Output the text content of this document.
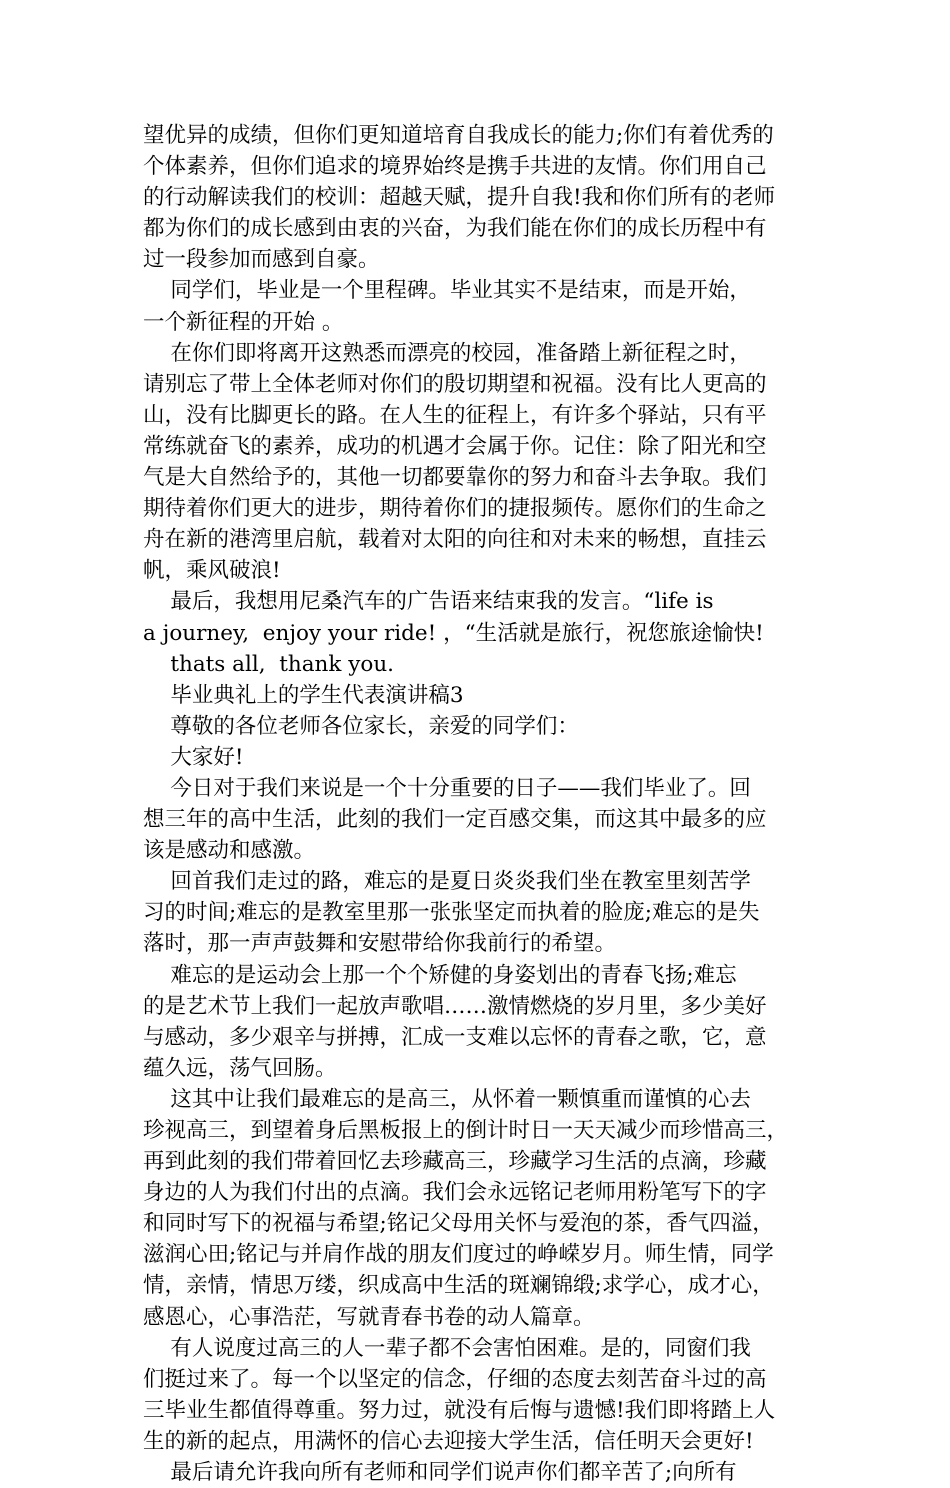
望优异的成绩，但你们更知道培育自我成长的能力;你们有着优秀的
个体素养，但你们追求的境界始终是携手共进的友情。你们用自己
的行动解读我们的校训：超越天赋，提升自我!我和你们所有的老师
都为你们的成长感到由衷的兴奋，为我们能在你们的成长历程中有
过一段参加而感到自豪。
同学们，毕业是一个里程碑。毕业其实不是结束，而是开始，
一个新征程的开始 。
在你们即将离开这熟悉而漂亮的校园，准备踏上新征程之时，
请别忘了带上全体老师对你们的殷切期望和祝福。没有比人更高的
山，没有比脚更长的路。在人生的征程上，有许多个驿站，只有平
常练就奋飞的素养，成功的机遇才会属于你。记住：除了阳光和空
气是大自然给予的，其他一切都要靠你的努力和奋斗去争取。我们
期待着你们更大的进步，期待着你们的捷报频传。愿你们的生命之
舟在新的港湾里启航，载着对太阳的向往和对未来的畅想，直挂云
帆，乘风破浪!
最后，我想用尼桑汽车的广告语来结束我的发言。“life is
a journey,  enjoy your ride! ，“生活就是旅行，祝您旅途愉快!
thats all,  thank you.
毕业典礼上的学生代表演讲稿3
尊敬的各位老师各位家长，亲爱的同学们：
大家好!
今日对于我们来说是一个十分重要的日子——我们毕业了。回
想三年的高中生活，此刻的我们一定百感交集，而这其中最多的应
该是感动和感激。
回首我们走过的路，难忘的是夏日炎炎我们坐在教室里刻苦学
习的时间;难忘的是教室里那一张张坚定而执着的脸庞;难忘的是失
落时，那一声声鼓舞和安慰带给你我前行的希望。
难忘的是运动会上那一个个矫健的身姿划出的青春飞扬;难忘
的是艺术节上我们一起放声歌唱……激情燃烧的岁月里，多少美好
与感动，多少艰辛与拼搏，汇成一支难以忘怀的青春之歌，它，意
蕴久远，荡气回肠。
这其中让我们最难忘的是高三，从怀着一颗慎重而谨慎的心去
珍视高三，到望着身后黑板报上的倒计时日一天天减少而珍惜高三，
再到此刻的我们带着回忆去珍藏高三，珍藏学习生活的点滴，珍藏
身边的人为我们付出的点滴。我们会永远铭记老师用粉笔写下的字
和同时写下的祝福与希望;铭记父母用关怀与爱泡的茶，香气四溢，
滋润心田;铭记与并肩作战的朋友们度过的峥嵘岁月。师生情，同学
情，亲情，情思万缕，织成高中生活的斑斓锦缎;求学心，成才心，
感恩心，心事浩茫，写就青春书卷的动人篇章。
有人说度过高三的人一辈子都不会害怕困难。是的，同窗们我
们挺过来了。每一个以坚定的信念，仔细的态度去刻苦奋斗过的高
三毕业生都值得尊重。努力过，就没有后悔与遗憾!我们即将踏上人
生的新的起点，用满怀的信心去迎接大学生活，信任明天会更好!
最后请允许我向所有老师和同学们说声你们都辛苦了;向所有
